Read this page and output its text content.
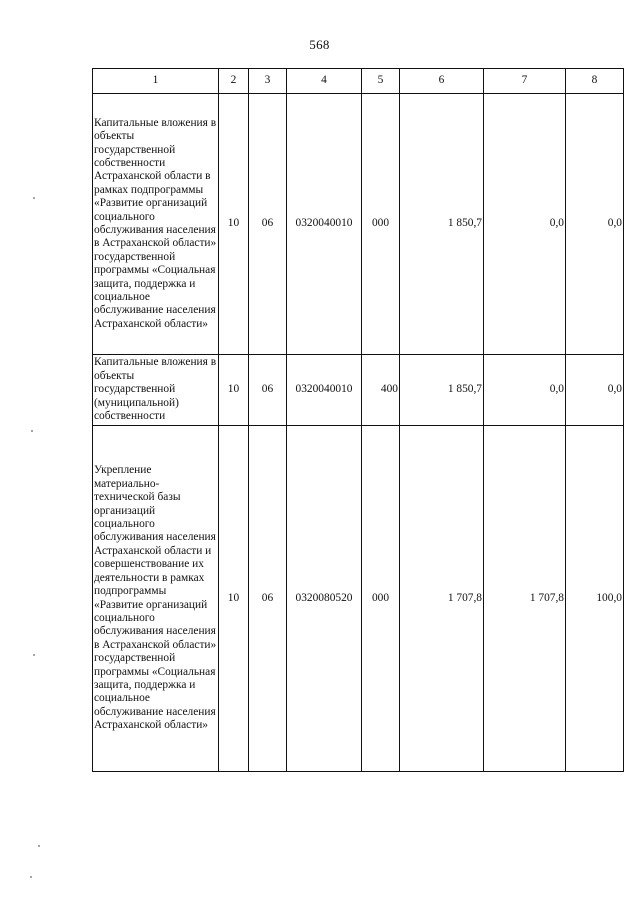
568
1	2	3	4	5	6	7	8
Капитальные вложения в объекты государственной собственности Астраханской области в рамках подпрограммы «Развитие организаций социального обслуживания населения в Астраханской области» государственной программы «Социальная защита, поддержка и социальное обслуживание населения Астраханской области»	10	06	0320040010	000	1 850,7	0,0	0,0
Капитальные вложения в объекты государственной (муниципальной) собственности	10	06	0320040010	400	1 850,7	0,0	0,0
Укрепление материально-технической базы организаций социального обслуживания населения Астраханской области и совершенствование их деятельности в рамках подпрограммы «Развитие организаций социального обслуживания населения в Астраханской области» государственной программы «Социальная защита, поддержка и социальное обслуживание населения Астраханской области»	10	06	0320080520	000	1 707,8	1 707,8	100,0
